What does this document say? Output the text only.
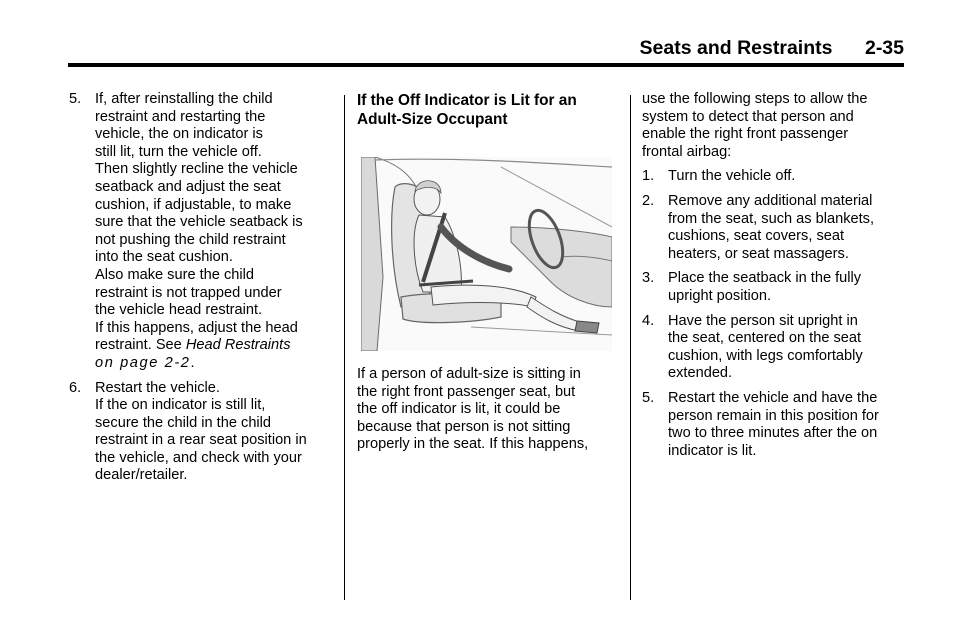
Seats and Restraints 2-35
5. If, after reinstalling the child
restraint and restarting the
vehicle, the on indicator is
still lit, turn the vehicle off.
Then slightly recline the vehicle
seatback and adjust the seat
cushion, if adjustable, to make
sure that the vehicle seatback is
not pushing the child restraint
into the seat cushion.

Also make sure the child
restraint is not trapped under
the vehicle head restraint.
If this happens, adjust the head
restraint. See Head Restraints
on page 2-2.

6. Restart the vehicle.

If the on indicator is still lit,
secure the child in the child
restraint in a rear seat position in
the vehicle, and check with your
dealer/retailer.

If the Off Indicator is Lit for an
Adult-Size Occupant

If a person of adult-size is sitting in
the right front passenger seat, but
the off indicator is lit, it could be
because that person is not sitting
properly in the seat. If this happens,

use the following steps to allow the
system to detect that person and
enable the right front passenger
frontal airbag:

1. Turn the vehicle off.

2. Remove any additional material
from the seat, such as blankets,
cushions, seat covers, seat
heaters, or seat massagers.

3. Place the seatback in the fully
upright position.

4. Have the person sit upright in
the seat, centered on the seat
cushion, with legs comfortably
extended.

5. Restart the vehicle and have the
person remain in this position for
two to three minutes after the on
indicator is lit.
